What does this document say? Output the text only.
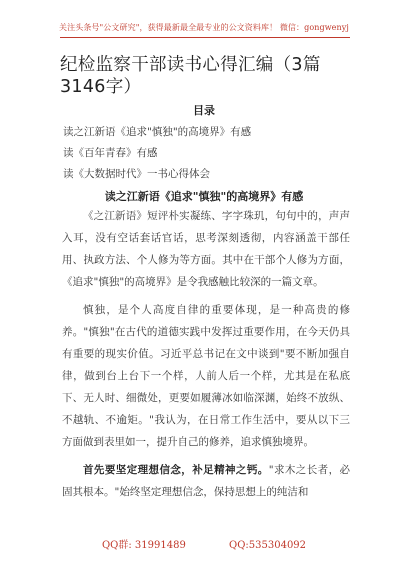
关注头条号"公文研究"，获得最新最全最专业的公文资料库！ 微信：gongwenyj
纪检监察干部读书心得汇编（3篇3146字）
目录
读之江新语《追求"慎独"的高境界》有感
读《百年青春》有感
读《大数据时代》一书心得体会
读之江新语《追求"慎独"的高境界》有感

《之江新语》短评朴实凝练、字字珠玑，句句中的，声声入耳，没有空话套话官话，思考深刻透彻，内容涵盖干部任用、执政方法、个人修为等方面。其中在干部个人修为方面，《追求"慎独"的高境界》是令我感触比较深的一篇文章。

慎独，是个人高度自律的重要体现，是一种高贵的修养。"慎独"在古代的道德实践中发挥过重要作用，在今天仍具有重要的现实价值。习近平总书记在文中谈到"要不断加强自律，做到台上台下一个样，人前人后一个样，尤其是在私底下、无人时、细微处，更要如履薄冰如临深渊，始终不放纵、不越轨、不逾矩。"我认为，在日常工作生活中，要从以下三方面做到表里如一，提升自己的修养，追求慎独境界。

首先要坚定理想信念，补足精神之钙。"求木之长者，必固其根本。"始终坚定理想信念，保持思想上的纯洁和

QQ群: 31991489	QQ:535304092
